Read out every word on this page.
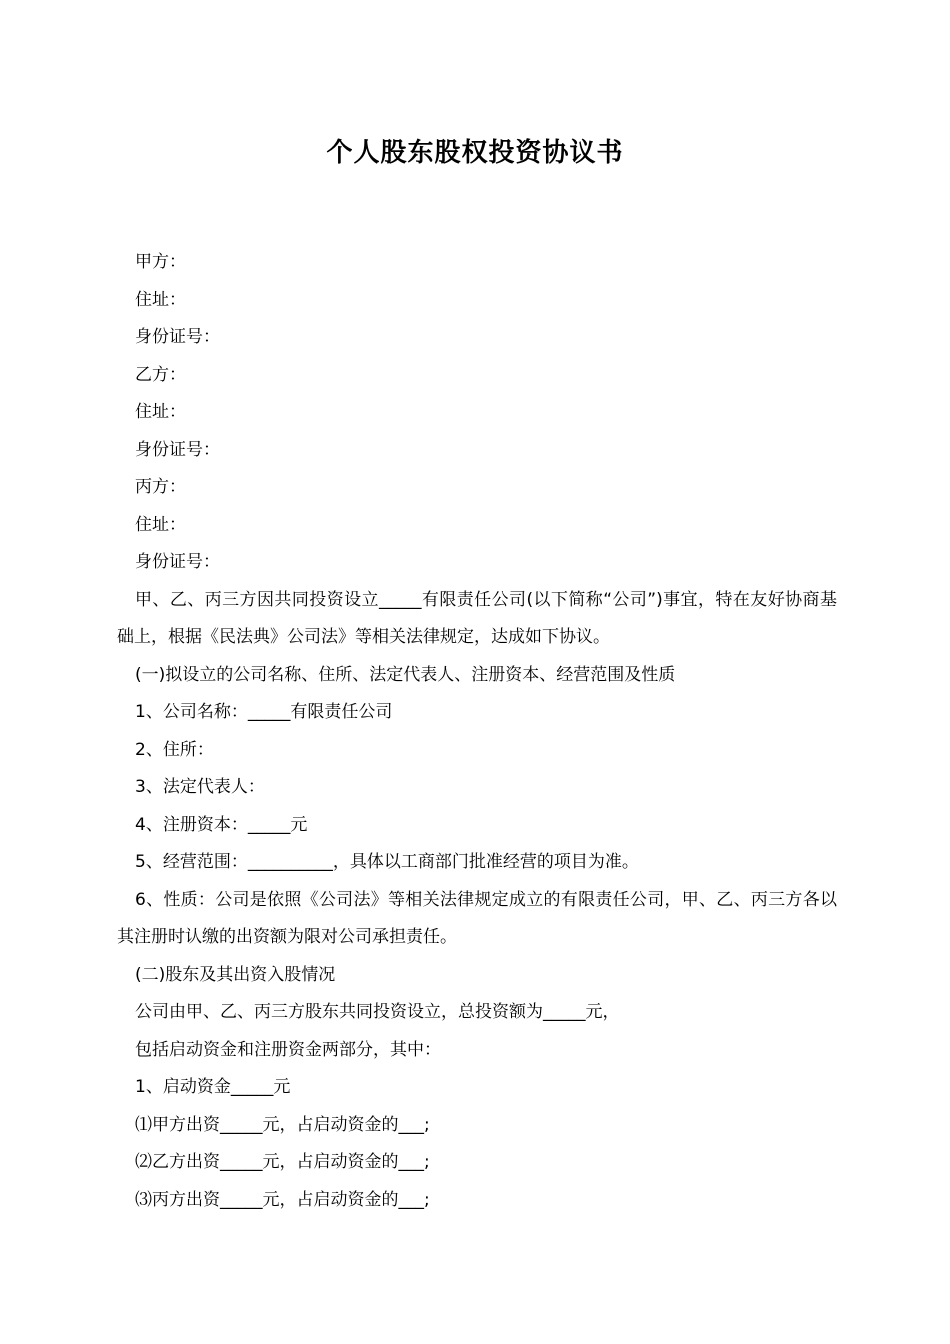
个人股东股权投资协议书
甲方：
住址：
身份证号：
乙方：
住址：
身份证号：
丙方：
住址：
身份证号：
甲、乙、丙三方因共同投资设立_____有限责任公司(以下简称“公司”)事宜，特在友好协商基础上，根据《民法典》公司法》等相关法律规定，达成如下协议。
(一)拟设立的公司名称、住所、法定代表人、注册资本、经营范围及性质
1、公司名称：_____有限责任公司
2、住所：
3、法定代表人：
4、注册资本：_____元
5、经营范围：__________，具体以工商部门批准经营的项目为准。
6、性质：公司是依照《公司法》等相关法律规定成立的有限责任公司，甲、乙、丙三方各以其注册时认缴的出资额为限对公司承担责任。
(二)股东及其出资入股情况
公司由甲、乙、丙三方股东共同投资设立，总投资额为_____元，
包括启动资金和注册资金两部分，其中：
1、启动资金_____元
⑴甲方出资_____元，占启动资金的___;
⑵乙方出资_____元，占启动资金的___;
⑶丙方出资_____元，占启动资金的___;
